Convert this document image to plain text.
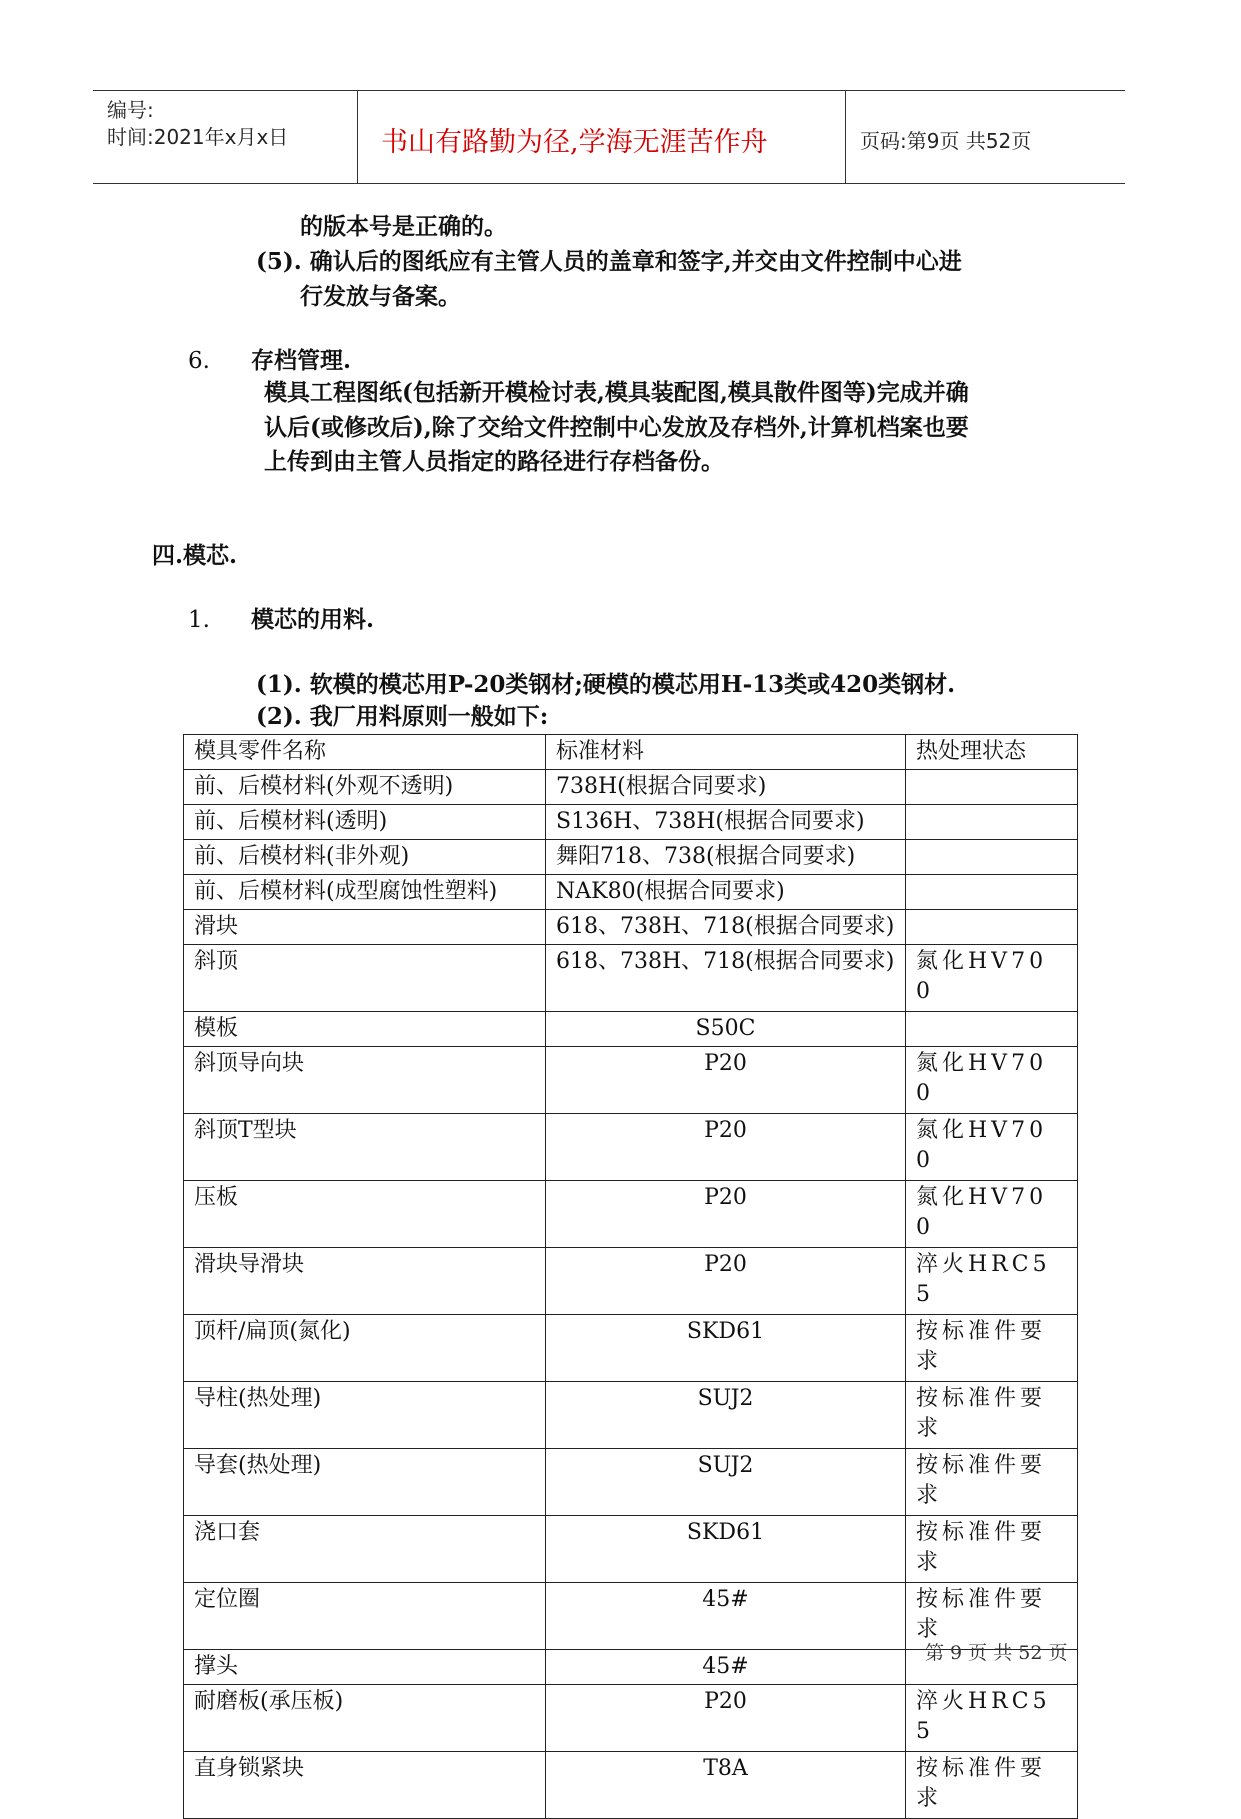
编号:
时间:2021年x月x日	书山有路勤为径,学海无涯苦作舟	页码:第9页 共52页
的版本号是正确的。
(5). 确认后的图纸应有主管人员的盖章和签字,并交由文件控制中心进
行发放与备案。
6. 存档管理.
模具工程图纸(包括新开模检讨表,模具装配图,模具散件图等)完成并确
认后(或修改后),除了交给文件控制中心发放及存档外,计算机档案也要
上传到由主管人员指定的路径进行存档备份。
四.模芯.
1. 模芯的用料.
(1). 软模的模芯用P-20类钢材;硬模的模芯用H-13类或420类钢材.
(2). 我厂用料原则一般如下:
模具零件名称	标准材料	热处理状态
前、后模材料(外观不透明)	738H(根据合同要求)	
前、后模材料(透明)	S136H、738H(根据合同要求)	
前、后模材料(非外观)	舞阳718、738(根据合同要求)	
前、后模材料(成型腐蚀性塑料)	NAK80(根据合同要求)	
滑块	618、738H、718(根据合同要求)	
斜顶	618、738H、718(根据合同要求)	氮化HV700
模板	S50C	
斜顶导向块	P20	氮化HV700
斜顶T型块	P20	氮化HV700
压板	P20	氮化HV700
滑块导滑块	P20	淬火HRC55
顶杆/扁顶(氮化)	SKD61	按标准件要求
导柱(热处理)	SUJ2	按标准件要求
导套(热处理)	SUJ2	按标准件要求
浇口套	SKD61	按标准件要求
定位圈	45#	按标准件要求
撑头	45#	
耐磨板(承压板)	P20	淬火HRC55
直身锁紧块	T8A	按标准件要求
第 9 页 共 52 页
